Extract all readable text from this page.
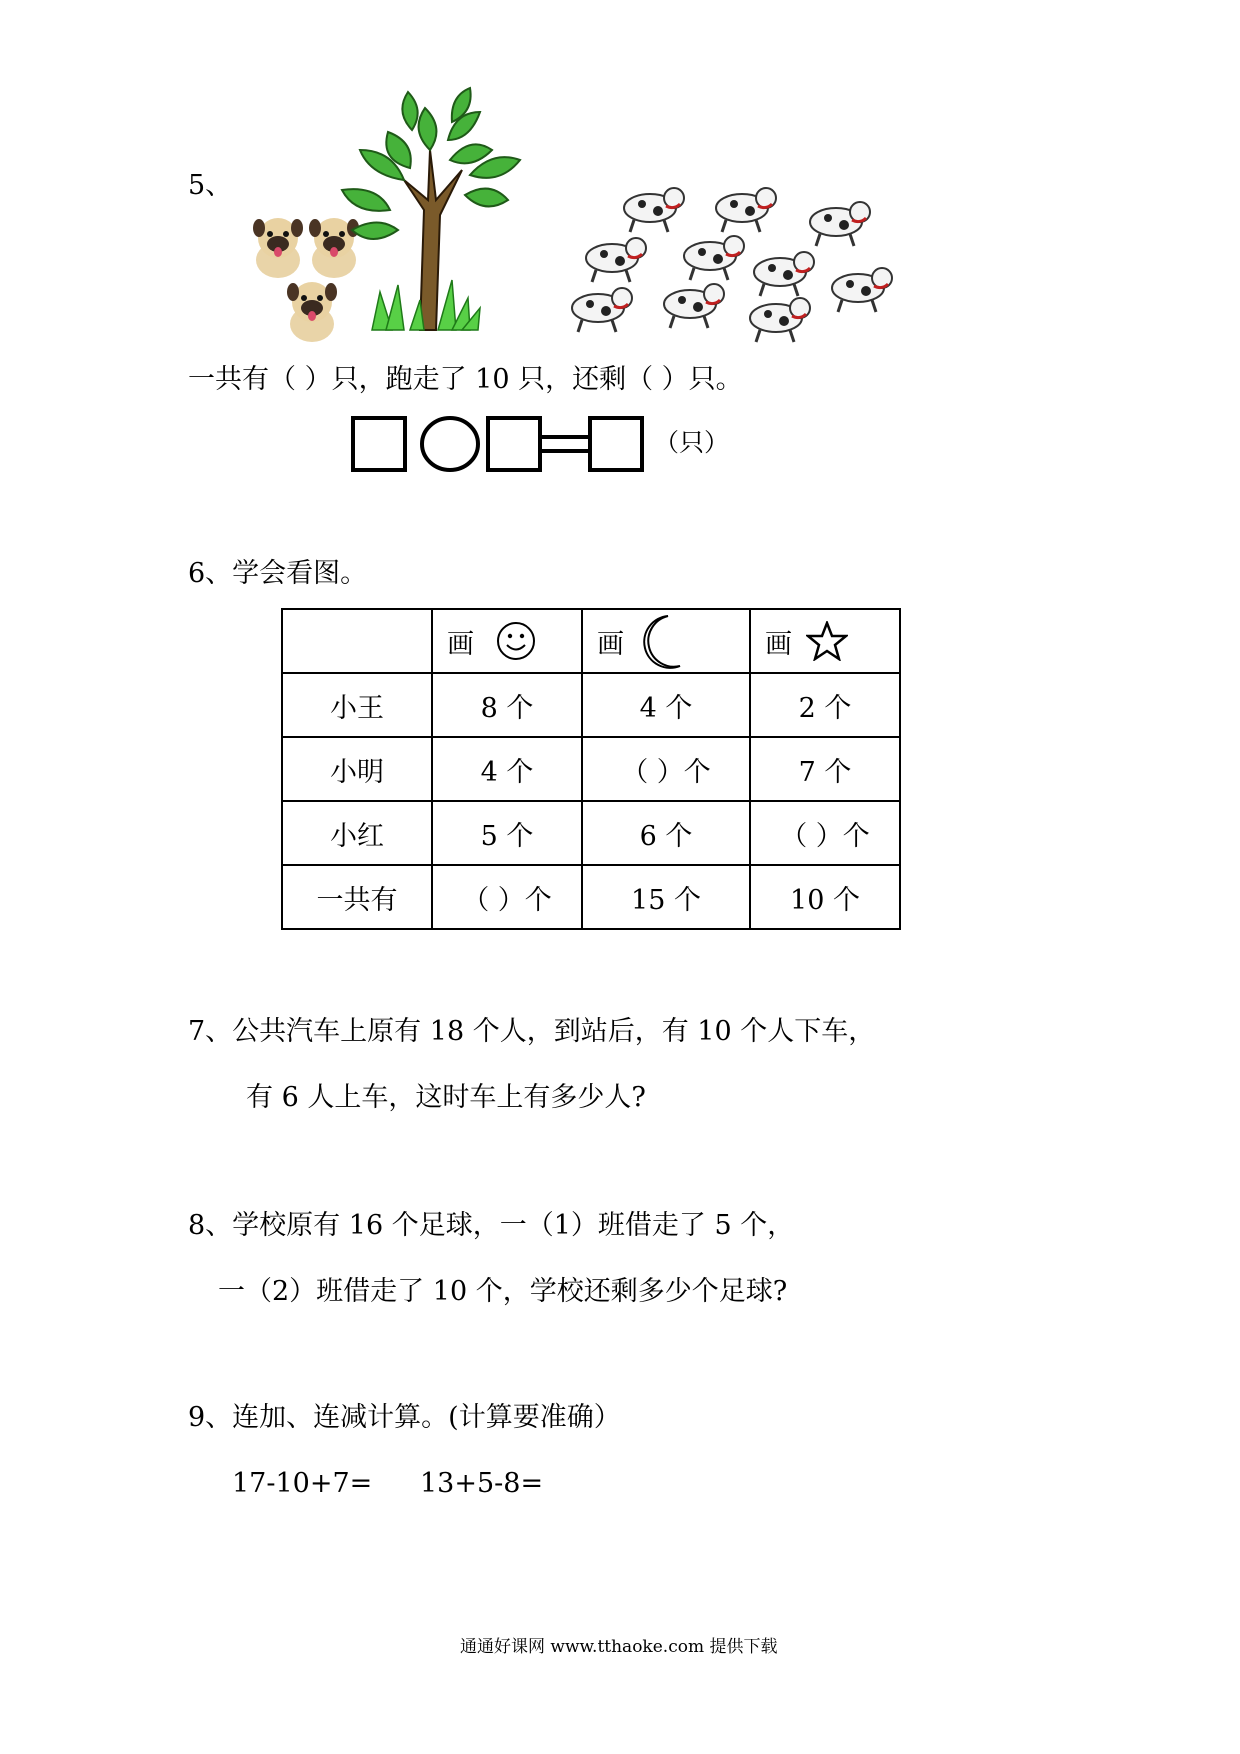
5、
一共有（ ）只，跑走了 10 只，还剩（ ）只。
（只）
6、学会看图。

	画	画	画

小王	8 个	4 个	2 个
小明	4 个	（ ）个	7 个
小红	5 个	6 个	（ ）个
一共有	（ ）个	15 个	10 个
7、公共汽车上原有 18 个人，到站后，有 10 个人下车，
有 6 人上车，这时车上有多少人?
8、学校原有 16 个足球，一（1）班借走了 5 个，
一（2）班借走了 10 个，学校还剩多少个足球?
9、连加、连减计算。(计算要准确）
17-10+7= 13+5-8=
通通好课网 www.tthaoke.com 提供下载
